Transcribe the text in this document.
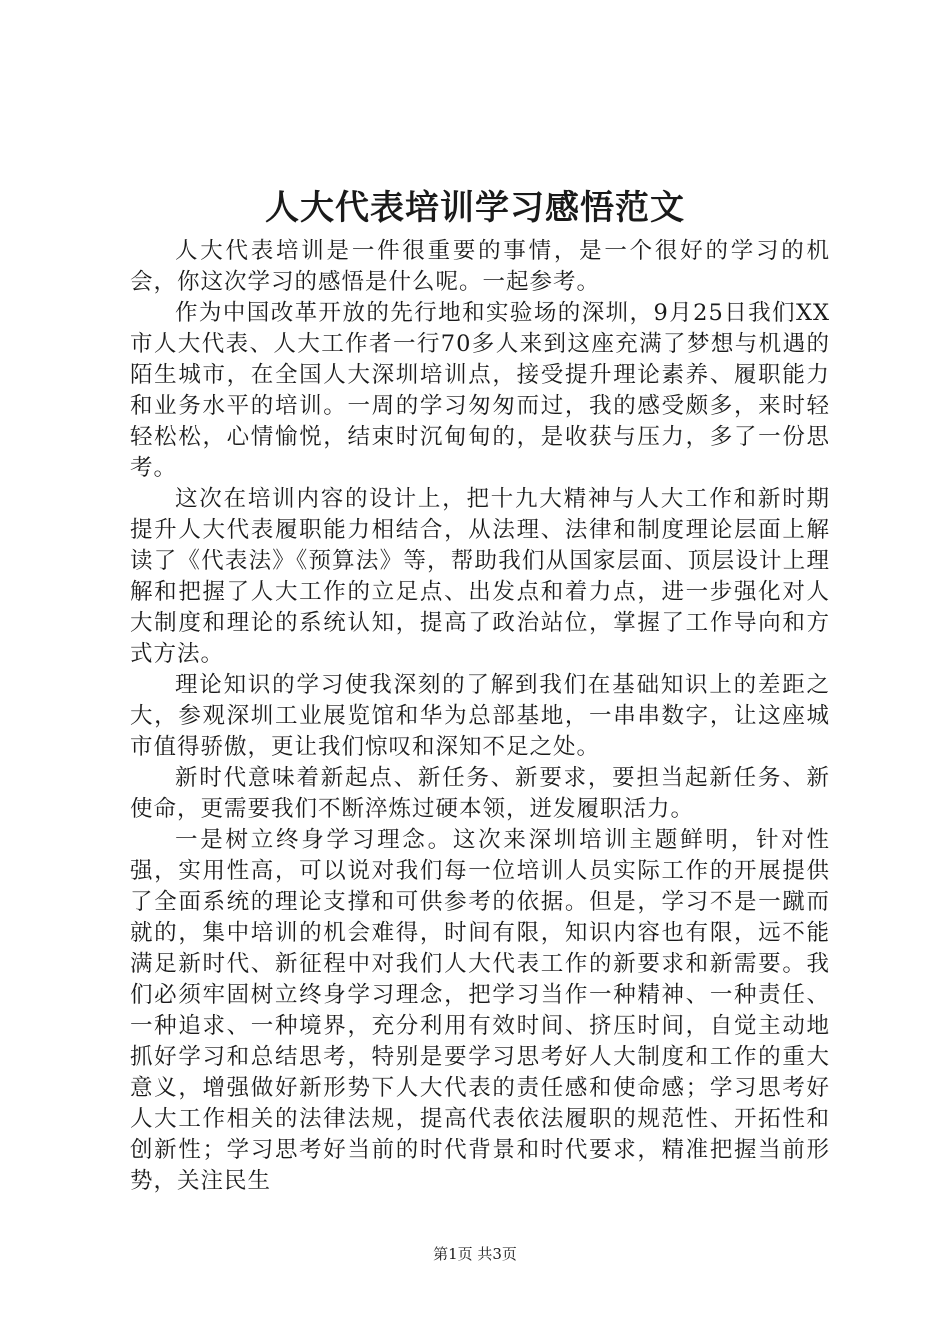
人大代表培训学习感悟范文

人大代表培训是一件很重要的事情，是一个很好的学习的机会，你这次学习的感悟是什么呢。一起参考。

作为中国改革开放的先行地和实验场的深圳，9月25日我们XX市人大代表、人大工作者一行70多人来到这座充满了梦想与机遇的陌生城市，在全国人大深圳培训点，接受提升理论素养、履职能力和业务水平的培训。一周的学习匆匆而过，我的感受颇多，来时轻轻松松，心情愉悦，结束时沉甸甸的，是收获与压力，多了一份思考。

这次在培训内容的设计上，把十九大精神与人大工作和新时期提升人大代表履职能力相结合，从法理、法律和制度理论层面上解读了《代表法》《预算法》等，帮助我们从国家层面、顶层设计上理解和把握了人大工作的立足点、出发点和着力点，进一步强化对人大制度和理论的系统认知，提高了政治站位，掌握了工作导向和方式方法。

理论知识的学习使我深刻的了解到我们在基础知识上的差距之大，参观深圳工业展览馆和华为总部基地，一串串数字，让这座城市值得骄傲，更让我们惊叹和深知不足之处。

新时代意味着新起点、新任务、新要求，要担当起新任务、新使命，更需要我们不断淬炼过硬本领，迸发履职活力。

一是树立终身学习理念。这次来深圳培训主题鲜明，针对性强，实用性高，可以说对我们每一位培训人员实际工作的开展提供了全面系统的理论支撑和可供参考的依据。但是，学习不是一蹴而就的，集中培训的机会难得，时间有限，知识内容也有限，远不能满足新时代、新征程中对我们人大代表工作的新要求和新需要。我们必须牢固树立终身学习理念，把学习当作一种精神、一种责任、一种追求、一种境界，充分利用有效时间、挤压时间，自觉主动地抓好学习和总结思考，特别是要学习思考好人大制度和工作的重大意义，增强做好新形势下人大代表的责任感和使命感；学习思考好人大工作相关的法律法规，提高代表依法履职的规范性、开拓性和创新性；学习思考好当前的时代背景和时代要求，精准把握当前形势，关注民生

第1页 共3页
